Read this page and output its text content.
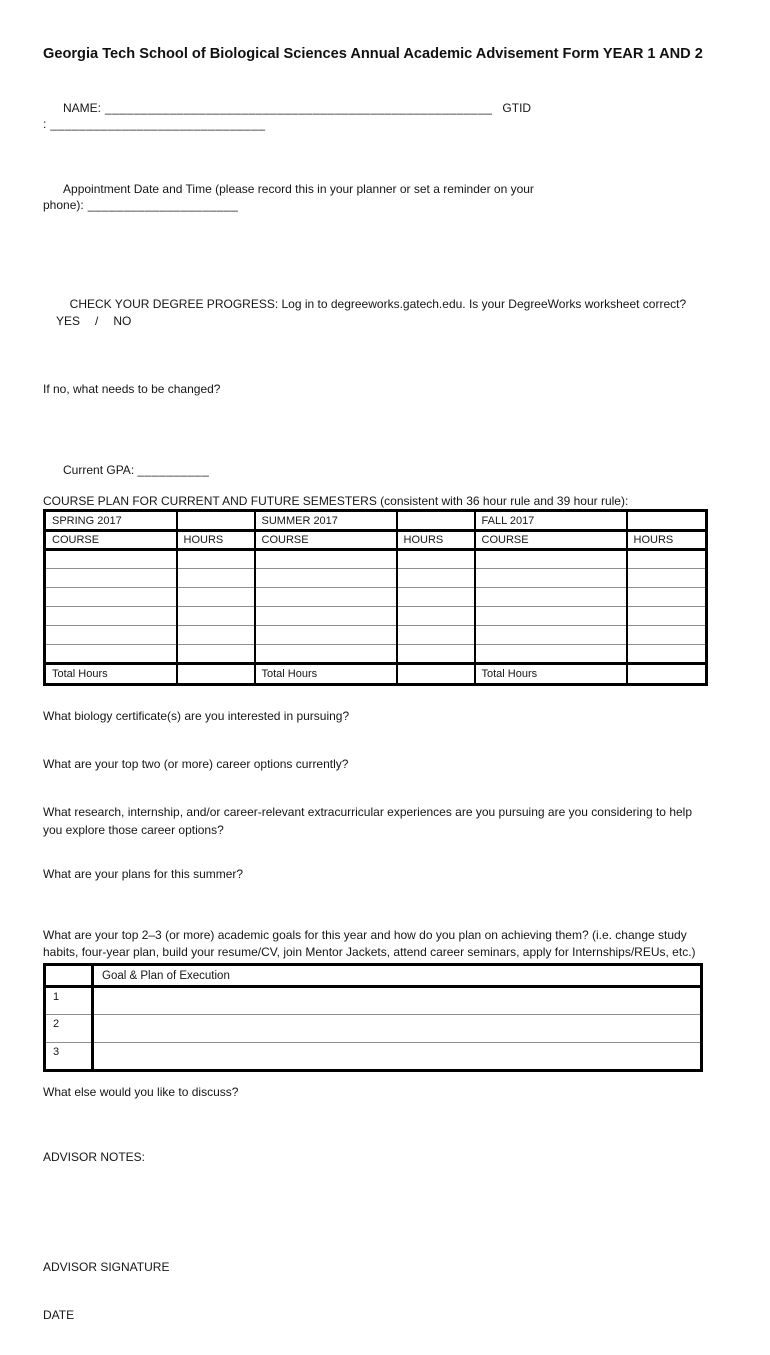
Georgia Tech School of Biological Sciences Annual Academic Advisement Form YEAR 1 AND 2

NAME: ______________________________________________________ GTID : ______________________________

Appointment Date and Time (please record this in your planner or set a reminder on your phone): _____________________

CHECK YOUR DEGREE PROGRESS: Log in to degreeworks.gatech.edu. Is your DegreeWorks worksheet correct?YES / NO

If no, what needs to be changed?

Current GPA: __________

COURSE PLAN FOR CURRENT AND FUTURE SEMESTERS (consistent with 36 hour rule and 39 hour rule):
SPRING 2017		SUMMER 2017		FALL 2017	
COURSE	HOURS	COURSE	HOURS	COURSE	HOURS

Total Hours		Total Hours		Total Hours	
What biology certificate(s) are you interested in pursuing?
What are your top two (or more) career options currently?
What research, internship, and/or career-relevant extracurricular experiences are you pursuing are you considering to help you explore those career options?
What are your plans for this summer?
What are your top 2–3 (or more) academic goals for this year and how do you plan on achieving them? (i.e. change study habits, four-year plan, build your resume/CV, join Mentor Jackets, attend career seminars, apply for Internships/REUs, etc.)
	Goal & Plan of Execution
1	
2	
3	
What else would you like to discuss?
ADVISOR NOTES:

ADVISOR SIGNATURE

DATE
